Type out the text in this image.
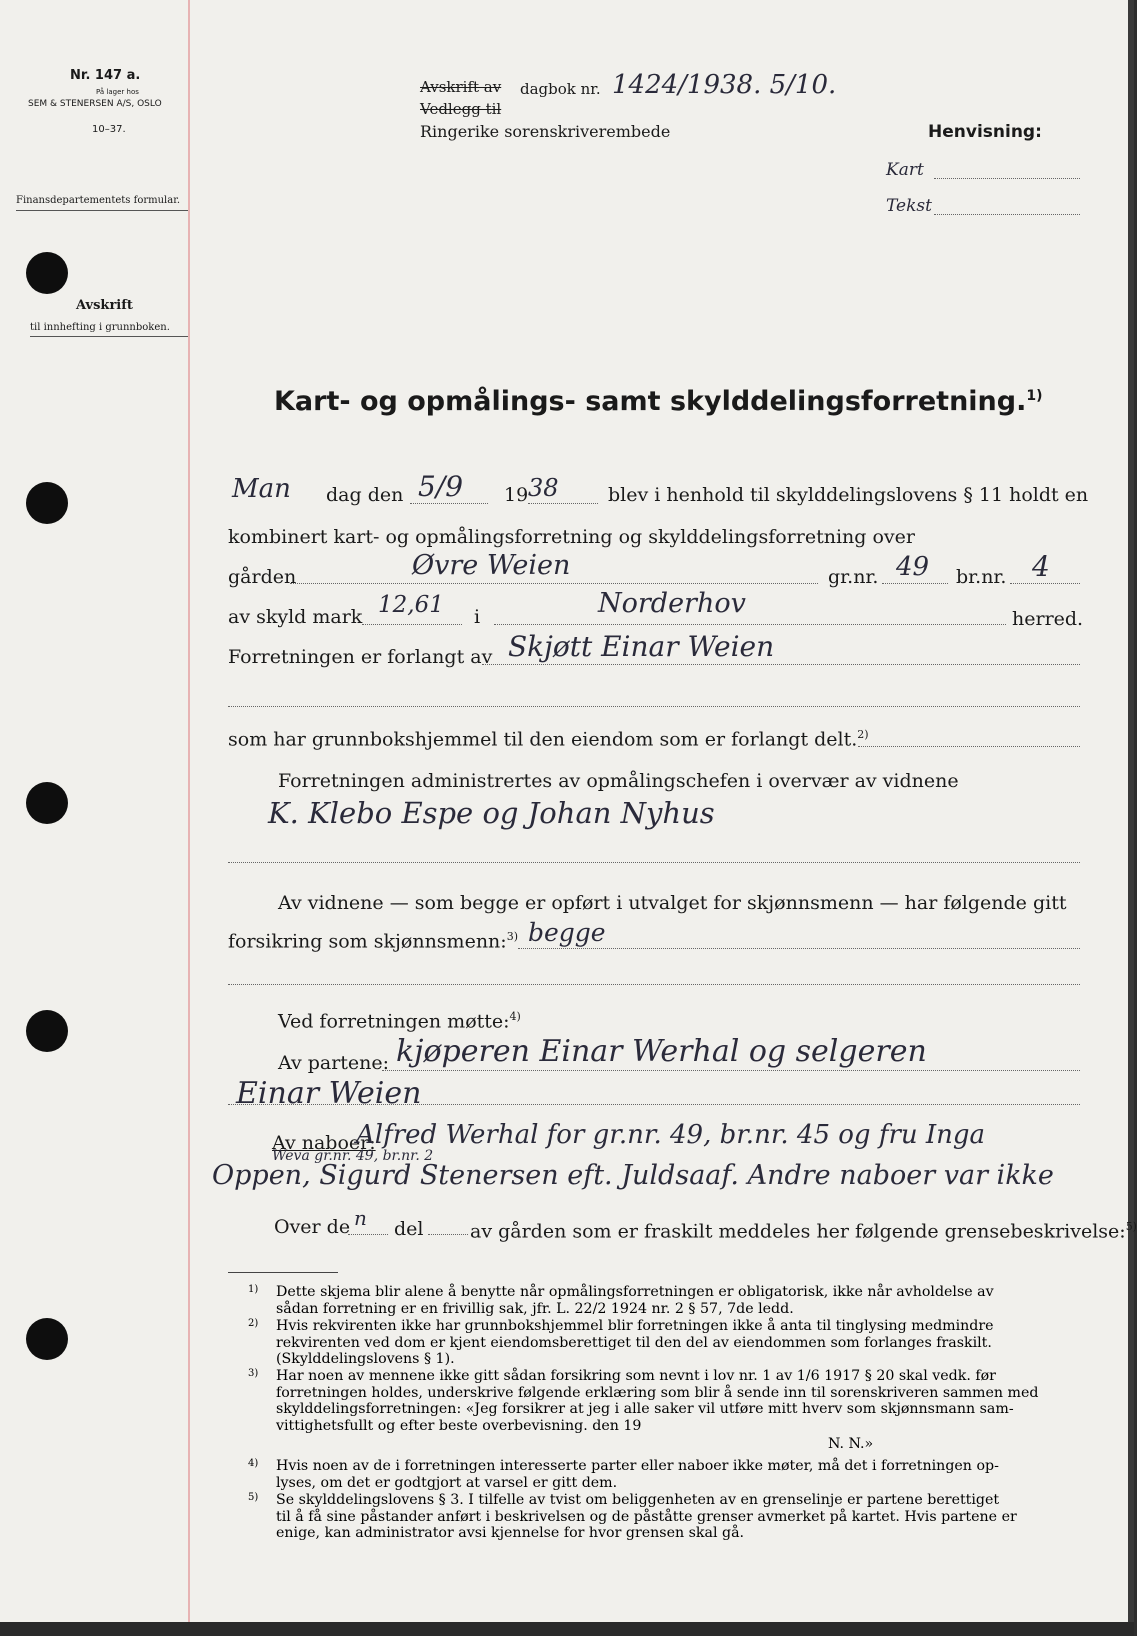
Nr. 147 a.
På lager hos
SEM & STENERSEN A/S, OSLO
10–37.
Finansdepartementets formular.
Avskrift
til innhefting i grunnboken.
Avskrift av dagbok nr. 1424/1938. 5/10.
Vedlegg til
Ringerike sorenskriverembede	Henvisning:
Kart
Tekst
Kart- og opmålings- samt skylddelingsforretning.$^{1)}$
Man dag den 5/9 19 38	blev i henhold til skylddelingslovens § 11 holdt en
kombinert kart- og opmålingsforretning og skylddelingsforretning over
gården	Øvre Weien	gr.nr. 49 br.nr. 4
av skyld mark 12,61 i	Norderhov	herred.
Forretningen er forlangt av Skjøtt Einar Weien
som har grunnbokshjemmel til den eiendom som er forlangt delt.$^{2)}$
Forretningen administrertes av opmålingschefen i overvær av vidnene
K. Klebo Espe og Johan Nyhus
Av vidnene — som begge er opført i utvalget for skjønnsmenn — har følgende gitt
forsikring som skjønnsmenn:$^{3)}$ begge
Ved forretningen møtte:$^{4)}$
Av partene: kjøperen Einar Werhal og selgeren
Einar Weien
Av naboer:
Alfred Werhal for gr.nr. 49, br.nr. 45 og fru Inga
Weva gr.nr. 49, br.nr. 2
Oppen, Sigurd Stenersen eft. Juldsaaf. Andre naboer var ikke
Over de n del av gården som er fraskilt meddeles her følgende grensebeskrivelse:$^{5)}$
1) Dette skjema blir alene å benytte når opmålingsforretningen er obligatorisk, ikke når avholdelse av
sådan forretning er en frivillig sak, jfr. L. 22/2 1924 nr. 2 § 57, 7de ledd.
2) Hvis rekvirenten ikke har grunnbokshjemmel blir forretningen ikke å anta til tinglysing medmindre
rekvirenten ved dom er kjent eiendomsberettiget til den del av eiendommen som forlanges fraskilt.
(Skylddelingslovens § 1).
3) Har noen av mennene ikke gitt sådan forsikring som nevnt i lov nr. 1 av 1/6 1917 § 20 skal vedk. før
forretningen holdes, underskrive følgende erklæring som blir å sende inn til sorenskriveren sammen med
skylddelingsforretningen: «Jeg forsikrer at jeg i alle saker vil utføre mitt hverv som skjønnsmann sam-
vittighetsfullt og efter beste overbevisning. den 19
N. N.»
4) Hvis noen av de i forretningen interesserte parter eller naboer ikke møter, må det i forretningen op-
lyses, om det er godtgjort at varsel er gitt dem.
5) Se skylddelingslovens § 3. I tilfelle av tvist om beliggenheten av en grenselinje er partene berettiget
til å få sine påstander anført i beskrivelsen og de påståtte grenser avmerket på kartet. Hvis partene er
enige, kan administrator avsi kjennelse for hvor grensen skal gå.
